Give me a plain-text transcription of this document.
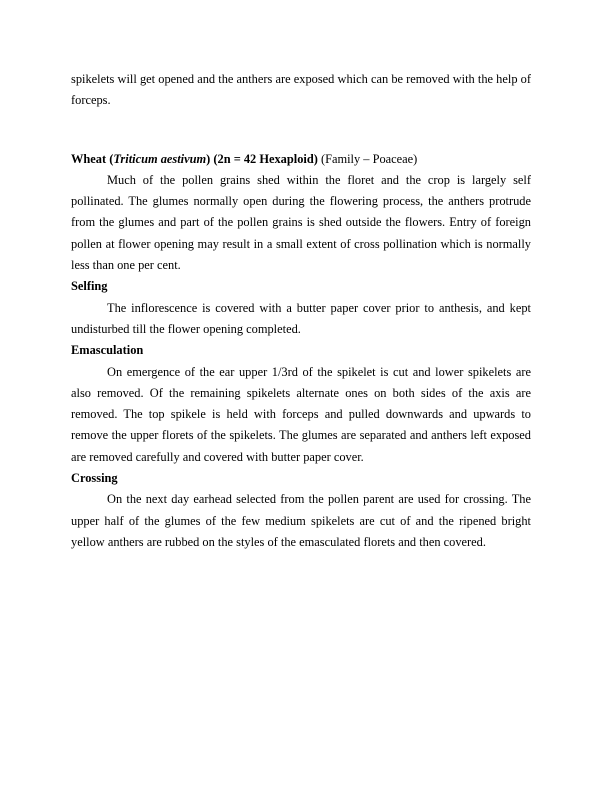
spikelets will get opened and the anthers are exposed which can be removed with the help of forceps.

Wheat (Triticum aestivum) (2n = 42 Hexaploid) (Family – Poaceae)

Much of the pollen grains shed within the floret and the crop is largely self pollinated. The glumes normally open during the flowering process, the anthers protrude from the glumes and part of the pollen grains is shed outside the flowers. Entry of foreign pollen at flower opening may result in a small extent of cross pollination which is normally less than one per cent.

Selfing

The inflorescence is covered with a butter paper cover prior to anthesis, and kept undisturbed till the flower opening completed.

Emasculation

On emergence of the ear upper 1/3rd of the spikelet is cut and lower spikelets are also removed. Of the remaining spikelets alternate ones on both sides of the axis are removed. The top spikele is held with forceps and pulled downwards and upwards to remove the upper florets of the spikelets. The glumes are separated and anthers left exposed are removed carefully and covered with butter paper cover.

Crossing

On the next day earhead selected from the pollen parent are used for crossing. The upper half of the glumes of the few medium spikelets are cut of and the ripened bright yellow anthers are rubbed on the styles of the emasculated florets and then covered.
